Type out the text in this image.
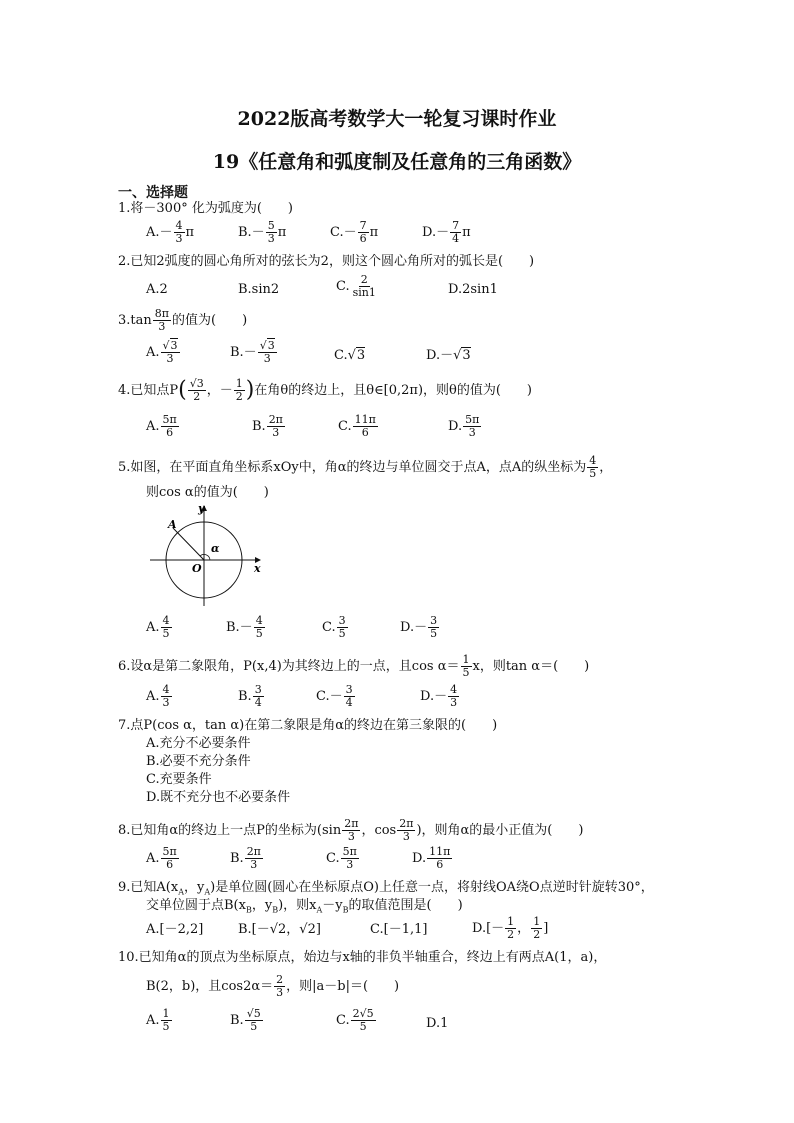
2022版高考数学大一轮复习课时作业
19《任意角和弧度制及任意角的三角函数》
一、选择题
1.将－300° 化为弧度为(　　)
$A.- \frac{4}{3}$ π	$B.- \frac{5}{3}$ π	$C.- \frac{7}{6}$ π	$D.- \frac{7}{4}$ π
2.已知2弧度的圆心角所对的弦长为2，则这个圆心角所对的弧长是(　　)
A.2	B.sin2	C. $\frac{2}{\sin 1}$	D.2sin1
$3.\tan \frac{8\pi}{3}$ 的值为(　　)
A. $\frac{√3}{3}$	$B.- \frac{√3}{3}$	C.√3	D.－√3
4.已知点$P( \frac{√3}{2}$ ，－ $\frac{1}{2}$ )在角θ的终边上，且θ∈[0,2π)，则θ的值为(　　)
A. $\frac{5\pi}{6}$	B. $\frac{2\pi}{3}$	C. $\frac{11\pi}{6}$	D. $\frac{5\pi}{3}$
5.如图，在平面直角坐标系xOy中，角α的终边与单位圆交于点A，点A的纵坐标为 $\frac{4}{5}$ ，
则cos α的值为(　　)
y
x
O
A
α
A. $\frac{4}{5}$	$B.- \frac{4}{5}$	C. $\frac{3}{5}$	$D.- \frac{3}{5}$
6.设α是第二象限角，P(x,4)为其终边上的一点，且$\cos \alpha= \frac{1}{5}$ x，则tan α＝(　　)
A. $\frac{4}{3}$	B. $\frac{3}{4}$	$C.- \frac{3}{4}$	$D.- \frac{4}{3}$
7.点P(cos α，tan α)在第二象限是角α的终边在第三象限的(　　)
A.充分不必要条件
B.必要不充分条件
C.充要条件
D.既不充分也不必要条件
8.已知角α的终边上一点P的坐标为($\sin \frac{2\pi}{3}$ ，$\cos \frac{2\pi}{3}$ )，则角α的最小正值为(　　)
A. $\frac{5\pi}{6}$	B. $\frac{2\pi}{3}$	C. $\frac{5\pi}{3}$	D. $\frac{11\pi}{6}$
9.已知$A(x_A$，$y_A$)是单位圆(圆心在坐标原点O)上任意一点，将射线OA绕O点逆时针旋转30°，
交单位圆于点$B(x_B$，$y_B$)，则$x_A-y_B$的取值范围是(　　)
A.[－2,2]	B.[－√2，√2]	C.[－1,1]	$D.[- \frac{1}{2}$ ， $\frac{1}{2}$ ]
10.已知角α的顶点为坐标原点，始边与x轴的非负半轴重合，终边上有两点A(1，a)，
B(2，b)，且$\cos 2\alpha= \frac{2}{3}$ ，则|a－b|＝(　　)
A. $\frac{1}{5}$	B. $\frac{√5}{5}$	C. $\frac{2√5}{5}$	D.1
